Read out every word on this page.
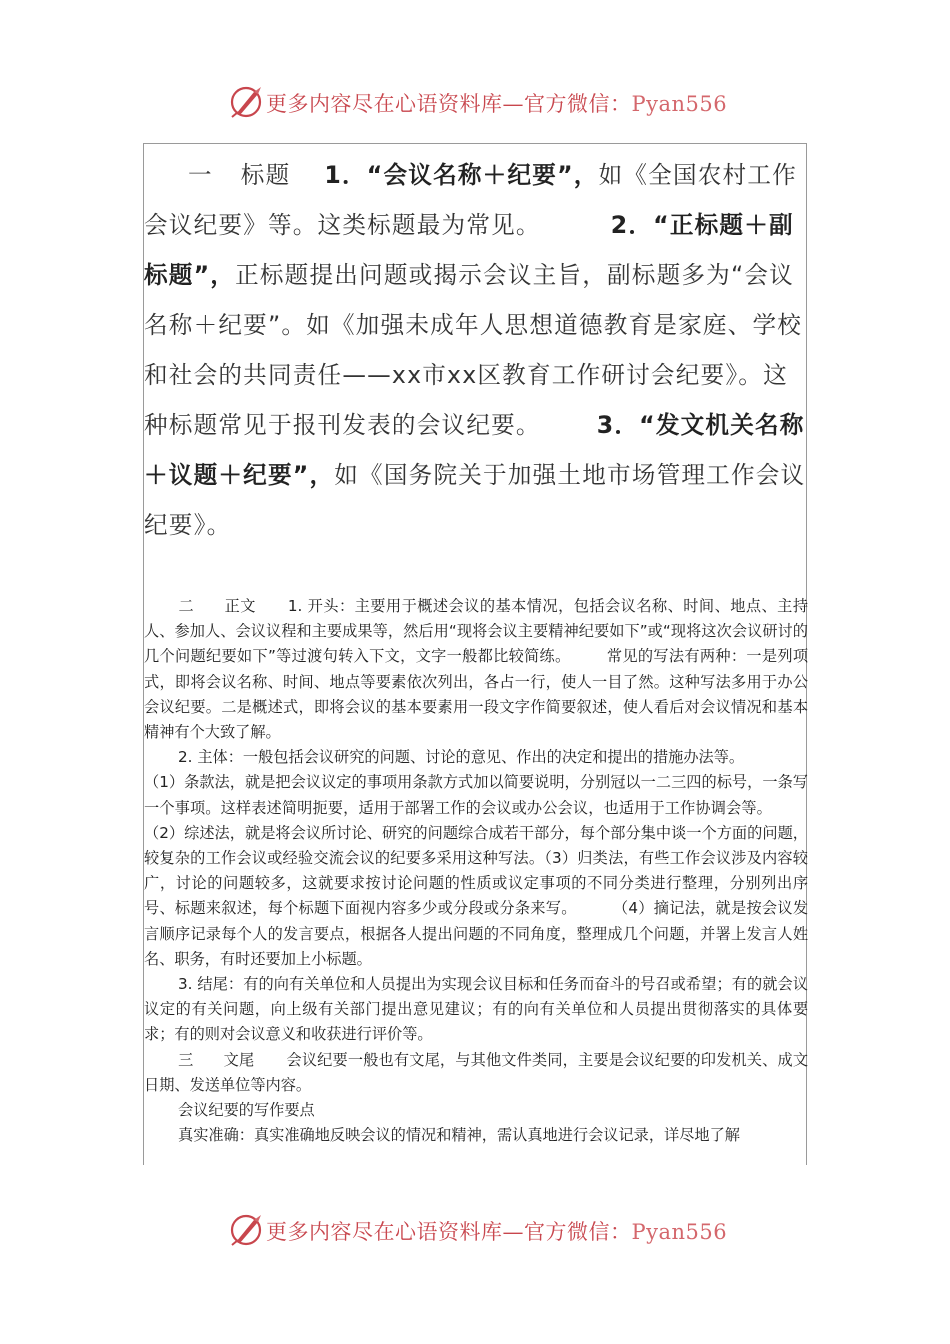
更多内容尽在心语资料库—官方微信：Pyan556

一 标题 1．“会议名称＋纪要”，如《全国农村工作会议纪要》等。这类标题最为常见。	2．“正标题＋副标题”，正标题提出问题或揭示会议主旨，副标题多为“会议名称＋纪要”。如《加强未成年人思想道德教育是家庭、学校和社会的共同责任——xx市xx区教育工作研讨会纪要》。这种标题常见于报刊发表的会议纪要。 3．“发文机关名称＋议题＋纪要”，如《国务院关于加强土地市场管理工作会议纪要》。

二 正文 1. 开头：主要用于概述会议的基本情况，包括会议名称、时间、地点、主持人、参加人、会议议程和主要成果等，然后用“现将会议主要精神纪要如下”或“现将这次会议研讨的几个问题纪要如下”等过渡句转入下文，文字一般都比较简练。 常见的写法有两种：一是列项式，即将会议名称、时间、地点等要素依次列出，各占一行，使人一目了然。这种写法多用于办公会议纪要。二是概述式，即将会议的基本要素用一段文字作简要叙述，使人看后对会议情况和基本精神有个大致了解。

2. 主体：一般包括会议研究的问题、讨论的意见、作出的决定和提出的措施办法等。

（1）条款法，就是把会议议定的事项用条款方式加以简要说明，分别冠以一二三四的标号，一条写一个事项。这样表述简明扼要，适用于部署工作的会议或办公会议，也适用于工作协调会等。（2）综述法，就是将会议所讨论、研究的问题综合成若干部分，每个部分集中谈一个方面的问题，较复杂的工作会议或经验交流会议的纪要多采用这种写法。（3）归类法，有些工作会议涉及内容较广，讨论的问题较多，这就要求按讨论问题的性质或议定事项的不同分类进行整理，分别列出序号、标题来叙述，每个标题下面视内容多少或分段或分条来写。 （4）摘记法，就是按会议发言顺序记录每个人的发言要点，根据各人提出问题的不同角度，整理成几个问题，并署上发言人姓名、职务，有时还要加上小标题。

3. 结尾：有的向有关单位和人员提出为实现会议目标和任务而奋斗的号召或希望；有的就会议议定的有关问题，向上级有关部门提出意见建议；有的向有关单位和人员提出贯彻落实的具体要求；有的则对会议意义和收获进行评价等。

三 文尾 会议纪要一般也有文尾，与其他文件类同，主要是会议纪要的印发机关、成文日期、发送单位等内容。

会议纪要的写作要点

真实准确：真实准确地反映会议的情况和精神，需认真地进行会议记录，详尽地了解

更多内容尽在心语资料库—官方微信：Pyan556
